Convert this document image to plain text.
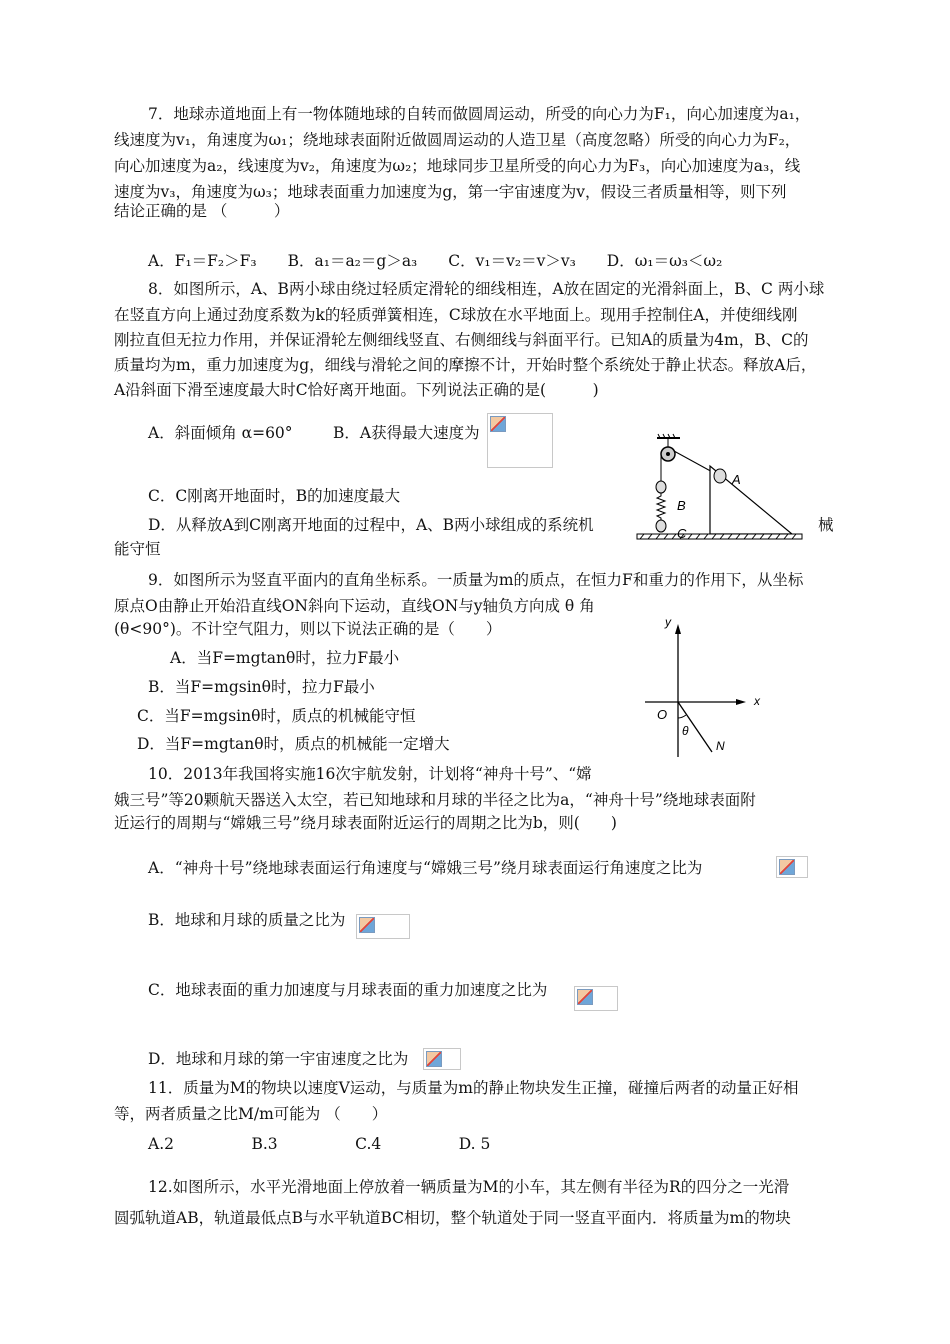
7．地球赤道地面上有一物体随地球的自转而做圆周运动，所受的向心力为F₁，向心加速度为a₁，
线速度为v₁，角速度为ω₁；绕地球表面附近做圆周运动的人造卫星（高度忽略）所受的向心力为F₂，
向心加速度为a₂，线速度为v₂，角速度为ω₂；地球同步卫星所受的向心力为F₃，向心加速度为a₃，线
速度为v₃，角速度为ω₃；地球表面重力加速度为g，第一宇宙速度为v，假设三者质量相等，则下列
结论正确的是 （　　　）
A．F₁＝F₂＞F₃　　B．a₁＝a₂＝g＞a₃　　C．v₁＝v₂＝v＞v₃　　D．ω₁＝ω₃＜ω₂
8．如图所示，A、B两小球由绕过轻质定滑轮的细线相连，A放在固定的光滑斜面上，B、C 两小球
在竖直方向上通过劲度系数为k的轻质弹簧相连，C球放在水平地面上。现用手控制住A，并使细线刚
刚拉直但无拉力作用，并保证滑轮左侧细线竖直、右侧细线与斜面平行。已知A的质量为4m，B、C的
质量均为m，重力加速度为g，细线与滑轮之间的摩擦不计，开始时整个系统处于静止状态。释放A后，
A沿斜面下滑至速度最大时C恰好离开地面。下列说法正确的是(　　　)
A．斜面倾角 α=60°	B．A获得最大速度为
C．C刚离开地面时，B的加速度最大
D．从释放A到C刚离开地面的过程中，A、B两小球组成的系统机	械
能守恒
A
B
C
9．如图所示为竖直平面内的直角坐标系。一质量为m的质点，在恒力F和重力的作用下，从坐标
原点O由静止开始沿直线ON斜向下运动，直线ON与y轴负方向成 θ 角
(θ<90°)。不计空气阻力，则以下说法正确的是（　　）
A．当F=mgtanθ时，拉力F最小
B．当F=mgsinθ时，拉力F最小
C．当F=mgsinθ时，质点的机械能守恒
D．当F=mgtanθ时，质点的机械能一定增大
y
x
O
θ
N
10．2013年我国将实施16次宇航发射，计划将“神舟十号”、“嫦
娥三号”等20颗航天器送入太空，若已知地球和月球的半径之比为a，“神舟十号”绕地球表面附
近运行的周期与“嫦娥三号”绕月球表面附近运行的周期之比为b，则(　　)
A．“神舟十号”绕地球表面运行角速度与“嫦娥三号”绕月球表面运行角速度之比为
B．地球和月球的质量之比为
C．地球表面的重力加速度与月球表面的重力加速度之比为
D．地球和月球的第一宇宙速度之比为
11．质量为M的物块以速度V运动，与质量为m的静止物块发生正撞，碰撞后两者的动量正好相
等，两者质量之比M/m可能为 （　　）
A.2　　　　　B.3　　　　　C.4　　　　　D. 5
12.如图所示，水平光滑地面上停放着一辆质量为M的小车，其左侧有半径为R的四分之一光滑
圆弧轨道AB，轨道最低点B与水平轨道BC相切，整个轨道处于同一竖直平面内．将质量为m的物块
